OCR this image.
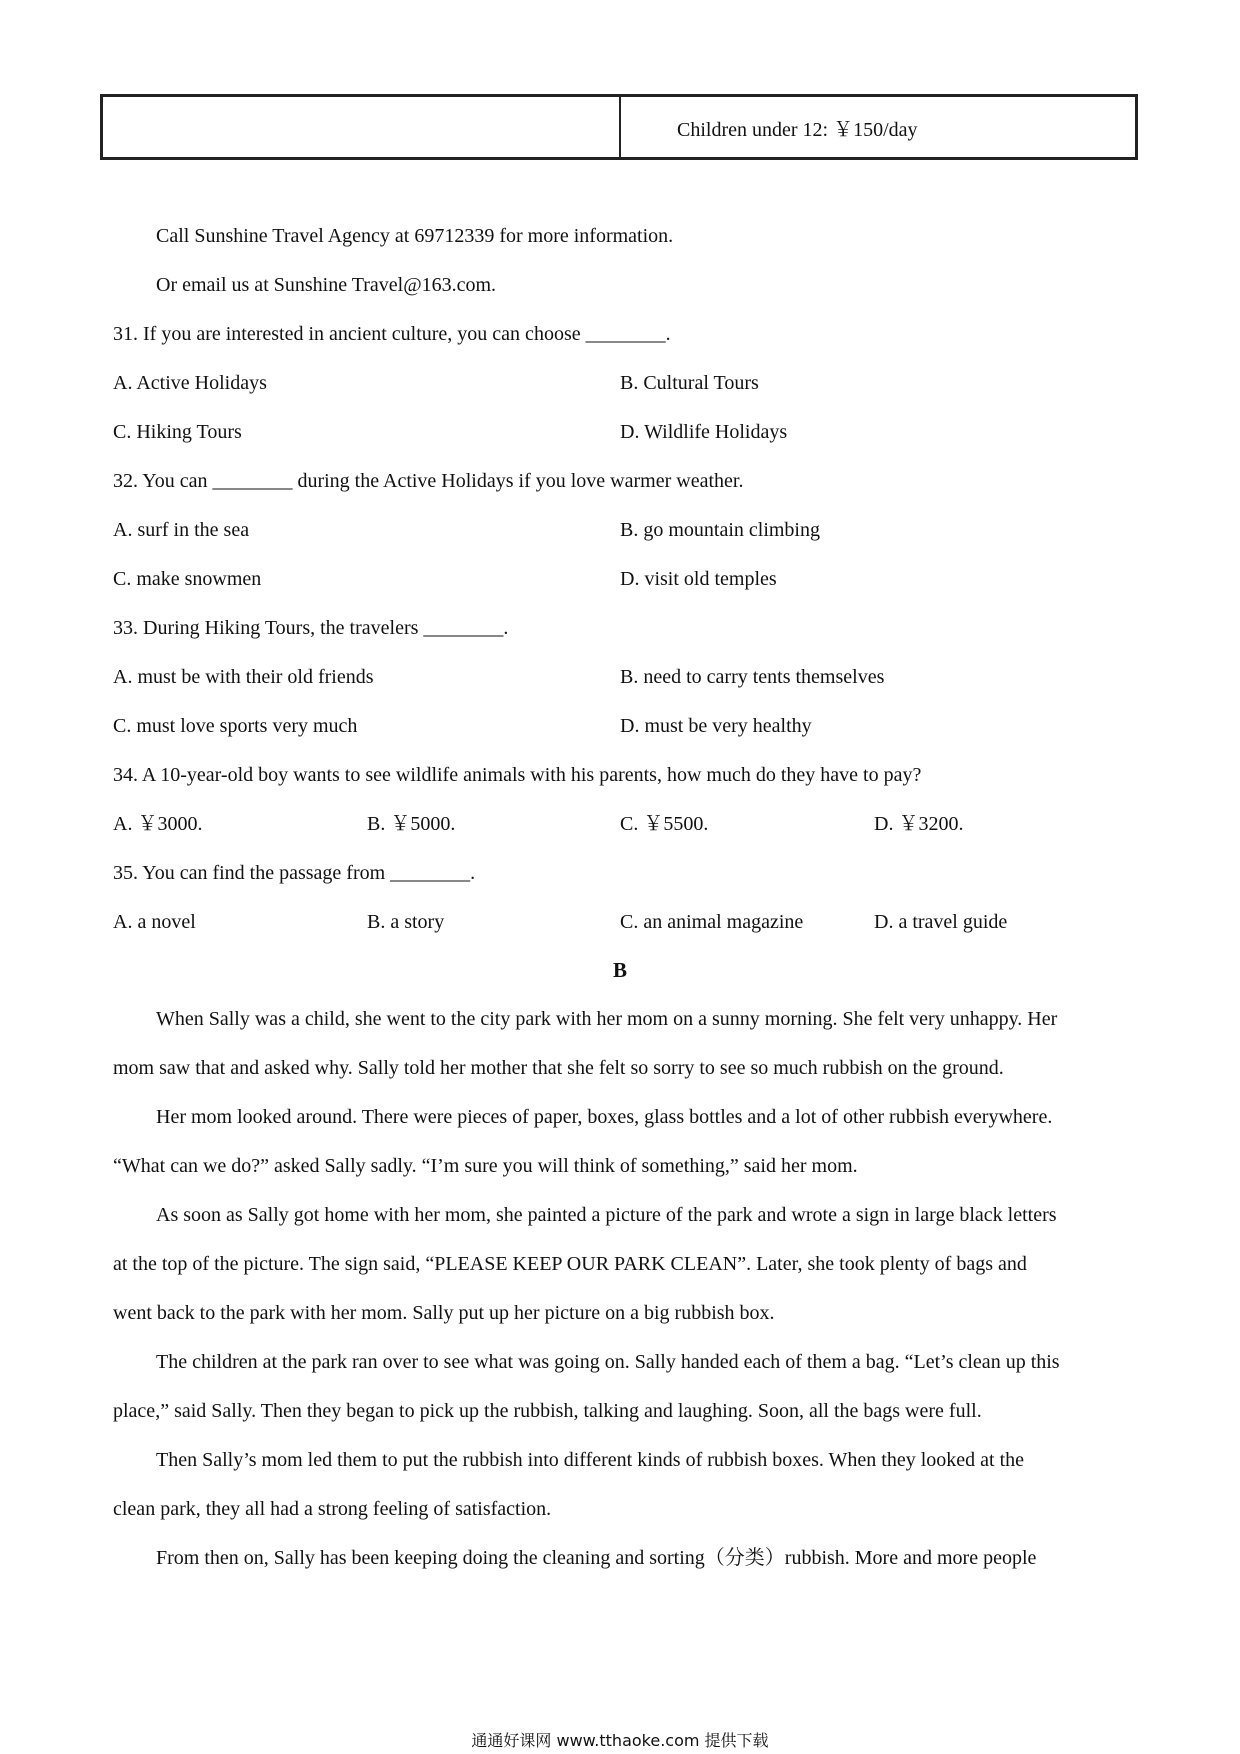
Children under 12: ￥150/day
Call Sunshine Travel Agency at 69712339 for more information.
Or email us at Sunshine Travel@163.com.
31. If you are interested in ancient culture, you can choose ________.
A. Active Holidays	B. Cultural Tours
C. Hiking Tours	D. Wildlife Holidays
32. You can ________ during the Active Holidays if you love warmer weather.
A. surf in the sea	B. go mountain climbing
C. make snowmen	D. visit old temples
33. During Hiking Tours, the travelers ________.
A. must be with their old friends	B. need to carry tents themselves
C. must love sports very much	D. must be very healthy
34. A 10-year-old boy wants to see wildlife animals with his parents, how much do they have to pay?
A. ￥3000.	B. ￥5000.	C. ￥5500.	D. ￥3200.
35. You can find the passage from ________.
A. a novel	B. a story	C. an animal magazine	D. a travel guide
B
When Sally was a child, she went to the city park with her mom on a sunny morning. She felt very unhappy. Her
mom saw that and asked why. Sally told her mother that she felt so sorry to see so much rubbish on the ground.
Her mom looked around. There were pieces of paper, boxes, glass bottles and a lot of other rubbish everywhere.
“What can we do?” asked Sally sadly. “I’m sure you will think of something,” said her mom.
As soon as Sally got home with her mom, she painted a picture of the park and wrote a sign in large black letters
at the top of the picture. The sign said, “PLEASE KEEP OUR PARK CLEAN”. Later, she took plenty of bags and
went back to the park with her mom. Sally put up her picture on a big rubbish box.
The children at the park ran over to see what was going on. Sally handed each of them a bag. “Let’s clean up this
place,” said Sally. Then they began to pick up the rubbish, talking and laughing. Soon, all the bags were full.
Then Sally’s mom led them to put the rubbish into different kinds of rubbish boxes. When they looked at the
clean park, they all had a strong feeling of satisfaction.
From then on, Sally has been keeping doing the cleaning and sorting（分类）rubbish. More and more people
通通好课网 www.tthaoke.com 提供下载
